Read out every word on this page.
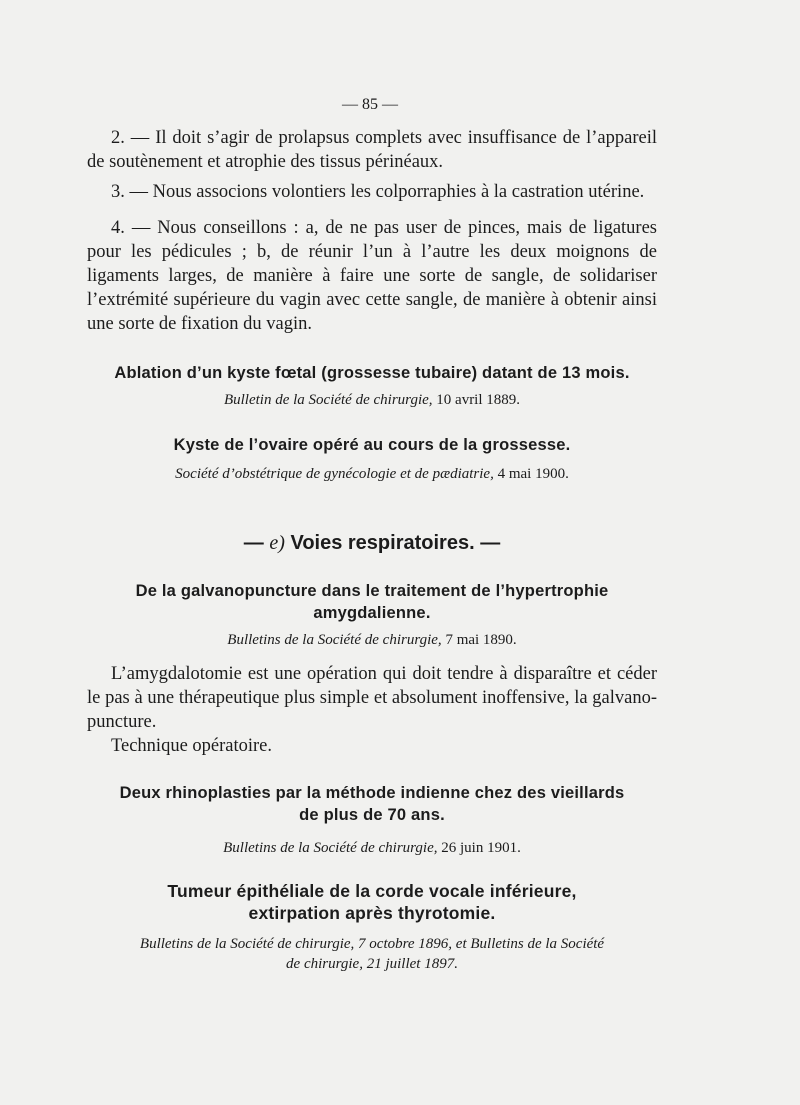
— 85 —

2. — Il doit s’agir de prolapsus complets avec insuffisance de l’appareil de soutènement et atrophie des tissus périnéaux.

3. — Nous associons volontiers les colporraphies à la castration utérine.

4. — Nous conseillons : a, de ne pas user de pinces, mais de ligatures pour les pédicules ; b, de réunir l’un à l’autre les deux moignons de ligaments larges, de manière à faire une sorte de sangle, de solidariser l’extrémité supérieure du vagin avec cette sangle, de manière à obtenir ainsi une sorte de fixation du vagin.

Ablation d’un kyste fœtal (grossesse tubaire) datant de 13 mois.

Bulletin de la Société de chirurgie, 10 avril 1889.

Kyste de l’ovaire opéré au cours de la grossesse.

Société d’obstétrique de gynécologie et de pædiatrie, 4 mai 1900.

— e) Voies respiratoires. —

De la galvanopuncture dans le traitement de l’hypertrophie

amygdalienne.

Bulletins de la Société de chirurgie, 7 mai 1890.

L’amygdalotomie est une opération qui doit tendre à disparaître et céder le pas à une thérapeutique plus simple et absolument inoffensive, la galvano-puncture.

Technique opératoire.

Deux rhinoplasties par la méthode indienne chez des vieillards

de plus de 70 ans.

Bulletins de la Société de chirurgie, 26 juin 1901.

Tumeur épithéliale de la corde vocale inférieure,

extirpation après thyrotomie.

Bulletins de la Société de chirurgie, 7 octobre 1896, et Bulletins de la Société

de chirurgie, 21 juillet 1897.
